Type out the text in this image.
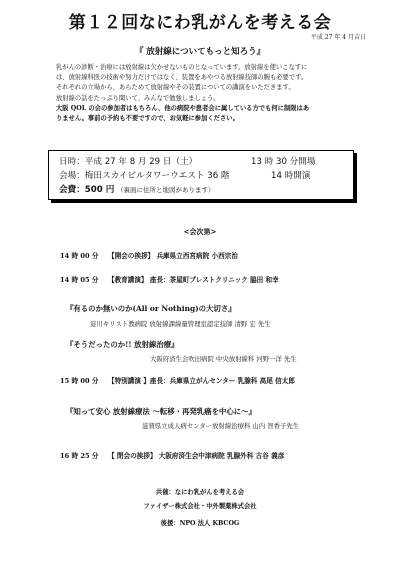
第１２回なにわ乳がんを考える会
平成 27 年 4 月吉日
『 放射線についてもっと知ろう』

乳がんの診断・治療には放射線は欠かせないものとなっています。放射線を使いこなすに

は、放射線科医の技術や努力だけではなく、装置をあやつる放射線技師の腕も必要です。

それぞれの立場から、あらためて放射線やその装置についての講演をいただきます。

放射線の話をたっぷり聞いて、みんなで勉強しましょう。

大阪 QOL の会の参加者はもちろん、他の病院や患者会に属している方でも何に制限はあ

りません。事前の予約も不要ですので、お気軽に参加ください。

日時：平成 27 年 8 月 29 日（土）	13 時 30 分開場
会場：梅田スカイビルタワーウエスト 36 階	14 時開演
会費：500 円 （裏面に住所と地図があります）
<会次第>
14 時 00 分 【開会の挨拶】 兵庫県立西宮病院 小西宗治
14 時 05 分 【教育講演】 座長：茶屋町ブレストクリニック 脇田 和幸
『有るのか無いのか(All or Nothing)の大切さ』
淀川キリスト教病院 放射線課線量管理室認定技師 清野 宏 先生
『そうだったのか!! 放射線治療』
大阪府済生会吹田病院 中央放射線科 河野一洋 先生
15 時 00 分 【特別講演 】座長：兵庫県立がんセンター 乳腺科 高尾 信太郎
『知って安心 放射線療法 ～転移・再発乳癌を中心に～』
滋賀県立成人病センター放射線治療科 山内 智香子先生
16 時 25 分 【 閉会の挨拶】 大阪府済生会中津病院 乳腺外科 古谷 義彦
共催：なにわ乳がんを考える会
ファイザー株式会社・中外製薬株式会社
後援：NPO 法人 KBCOG
